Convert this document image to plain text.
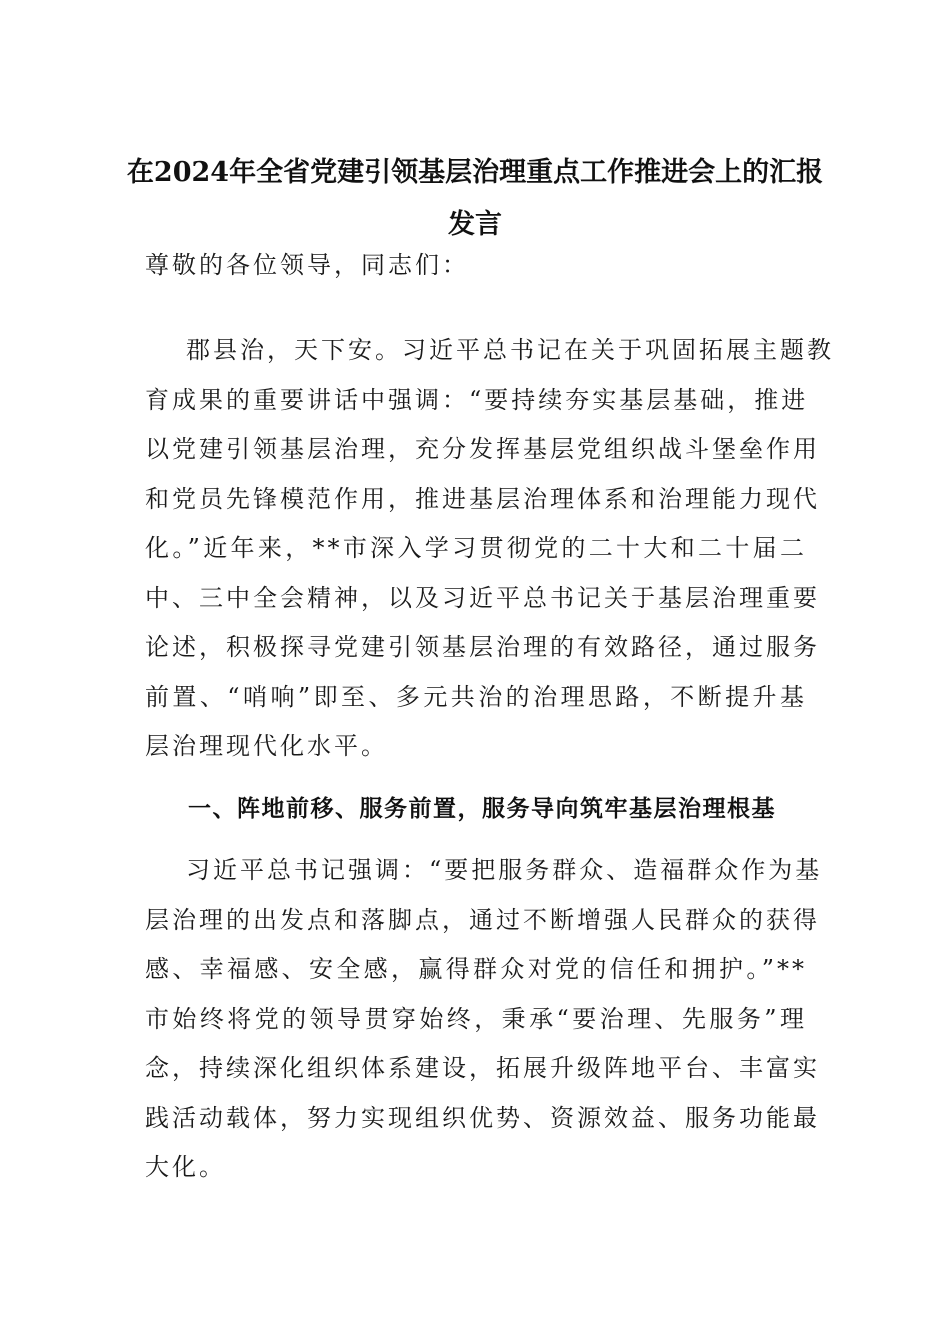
在2024年全省党建引领基层治理重点工作推进会上的汇报
发言
尊敬的各位领导，同志们：
郡县治，天下安。习近平总书记在关于巩固拓展主题教
育成果的重要讲话中强调：“要持续夯实基层基础，推进
以党建引领基层治理，充分发挥基层党组织战斗堡垒作用
和党员先锋模范作用，推进基层治理体系和治理能力现代
化。”近年来，**市深入学习贯彻党的二十大和二十届二
中、三中全会精神，以及习近平总书记关于基层治理重要
论述，积极探寻党建引领基层治理的有效路径，通过服务
前置、“哨响”即至、多元共治的治理思路，不断提升基
层治理现代化水平。
一、阵地前移、服务前置，服务导向筑牢基层治理根基
习近平总书记强调：“要把服务群众、造福群众作为基
层治理的出发点和落脚点，通过不断增强人民群众的获得
感、幸福感、安全感，赢得群众对党的信任和拥护。”**
市始终将党的领导贯穿始终，秉承“要治理、先服务”理
念，持续深化组织体系建设，拓展升级阵地平台、丰富实
践活动载体，努力实现组织优势、资源效益、服务功能最
大化。
